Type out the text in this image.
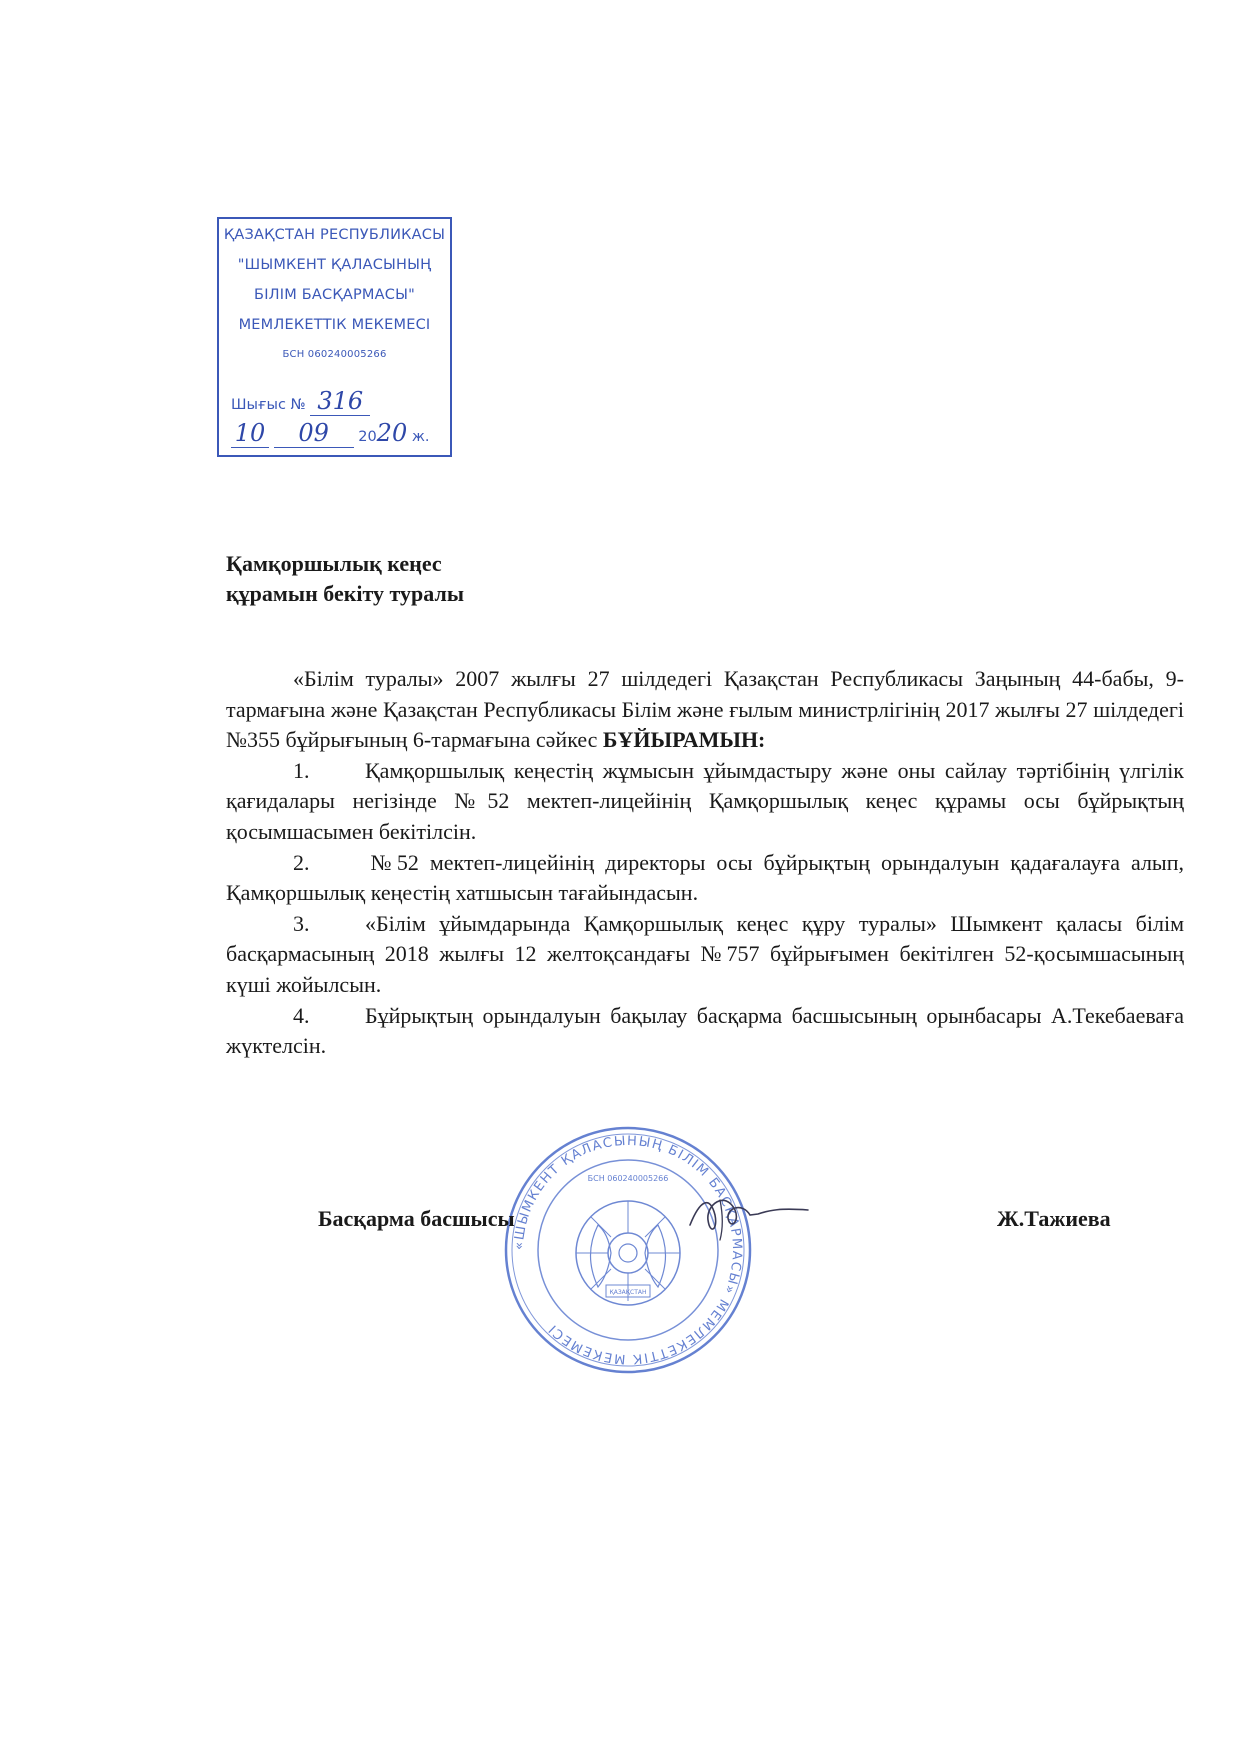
ҚАЗАҚСТАН РЕСПУБЛИКАСЫ
"ШЫМКЕНТ ҚАЛАСЫНЫҢ
БІЛІМ БАСҚАРМАСЫ"
МЕМЛЕКЕТТІК МЕКЕМЕСІ
БСН 060240005266
Шығыс № 316
10 09 2020 ж.
Қамқоршылық кеңес
құрамын бекіту туралы

«Білім туралы» 2007 жылғы 27 шілдедегі Қазақстан Республикасы Заңының 44-бабы, 9-тармағына және Қазақстан Республикасы Білім және ғылым министрлігінің 2017 жылғы 27 шілдедегі №355 бұйрығының 6-тармағына сәйкес БҰЙЫРАМЫН:

1.	Қамқоршылық кеңестің жұмысын ұйымдастыру және оны сайлау тәртібінің үлгілік қағидалары негізінде №52 мектеп-лицейінің Қамқоршылық кеңес құрамы осы бұйрықтың қосымшасымен бекітілсін.

2.	№52 мектеп-лицейінің директоры осы бұйрықтың орындалуын қадағалауға алып, Қамқоршылық кеңестің хатшысын тағайындасын.

3.	«Білім ұйымдарында Қамқоршылық кеңес құру туралы» Шымкент қаласы білім басқармасының 2018 жылғы 12 желтоқсандағы №757 бұйрығымен бекітілген 52-қосымшасының күші жойылсын.

4.	Бұйрықтың орындалуын бақылау басқарма басшысының орынбасары А.Текебаеваға жүктелсін.

«ШЫМКЕНТ ҚАЛАСЫНЫҢ БІЛІМ БАСҚАРМАСЫ» МЕМЛЕКЕТТІК МЕКЕМЕСІ
БСН 060240005266
ҚАЗАҚСТАН
Басқарма басшысы	Ж.Тажиева
